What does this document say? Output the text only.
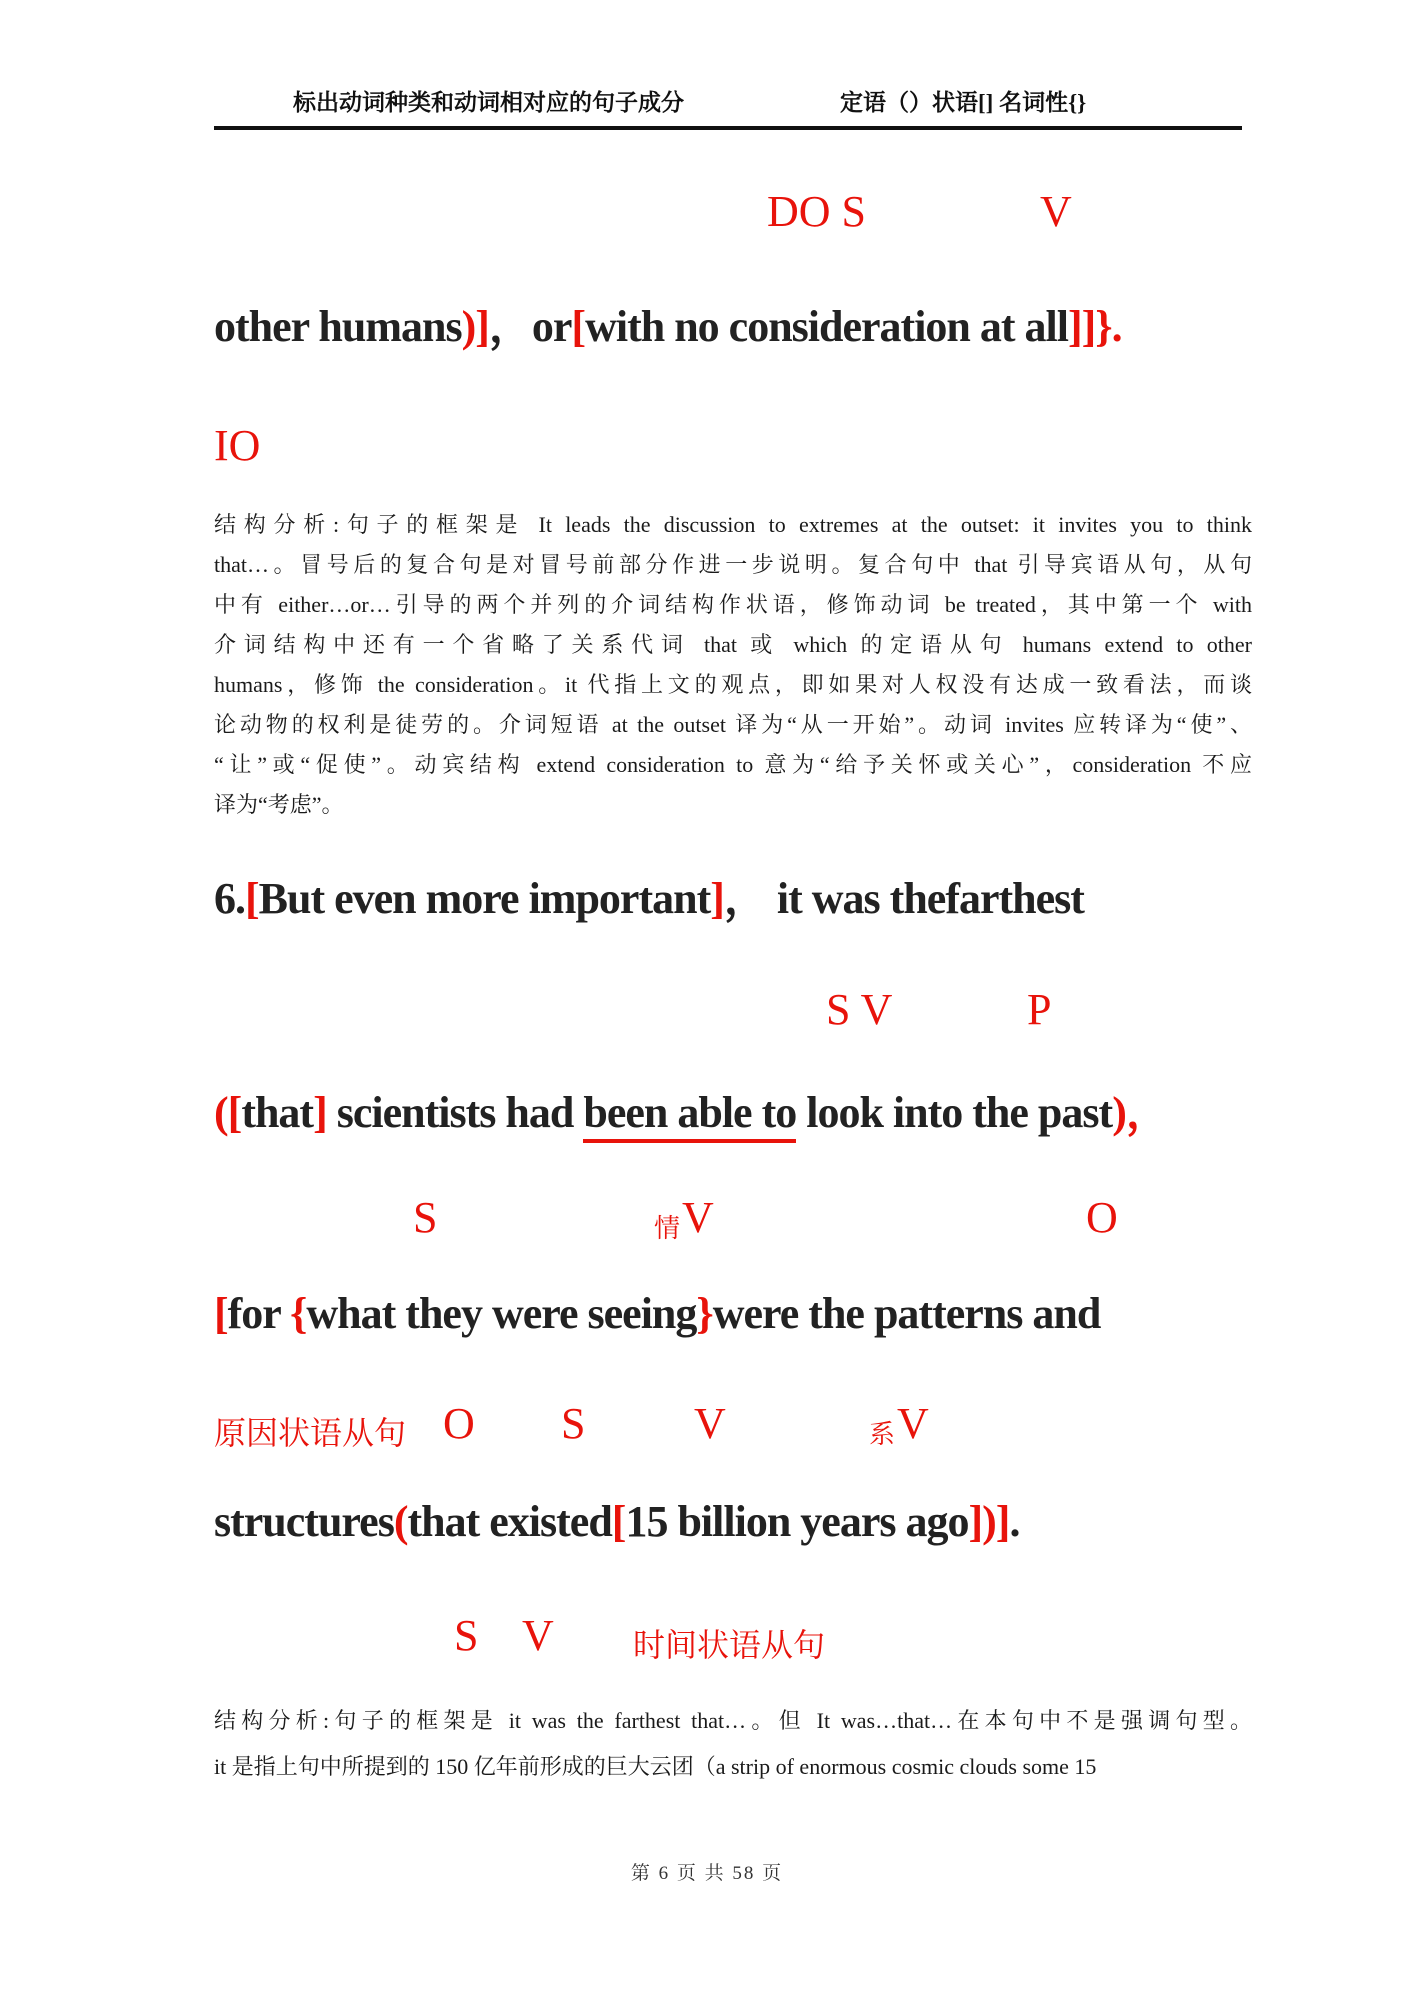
标出动词种类和动词相对应的句子成分	定语（）状语[] 名词性{}
DO S	V
other humans)]，or[with no consideration at all]]}.
IO
结构分析:句子的框架是 It leads the discussion to extremes at the outset: it invites you to think
that…。冒号后的复合句是对冒号前部分作进一步说明。复合句中 that 引导宾语从句，从句
中有 either…or…引导的两个并列的介词结构作状语，修饰动词 be treated，其中第一个 with
介词结构中还有一个省略了关系代词 that 或 which 的定语从句 humans extend to other
humans，修饰 the consideration。it 代指上文的观点，即如果对人权没有达成一致看法，而谈
论动物的权利是徒劳的。介词短语 at the outset 译为“从一开始”。动词 invites 应转译为“使”、
“让”或“促使”。动宾结构 extend consideration to 意为“给予关怀或关心”，consideration 不应
译为“考虑”。
6.[But even more important]， it was thefarthest
S V	P
([that] scientists had been able to look into the past)，
S	情 V	O
[for {what they were seeing}were the patterns and
原因状语从句 O S V	系 V
structures(that existed[15 billion years ago])].
S V 时间状语从句
结构分析:句子的框架是 it was the farthest that…。但 It was…that…在本句中不是强调句型。
it 是指上句中所提到的 150 亿年前形成的巨大云团（a strip of enormous cosmic clouds some 15
第 6 页 共 58 页
